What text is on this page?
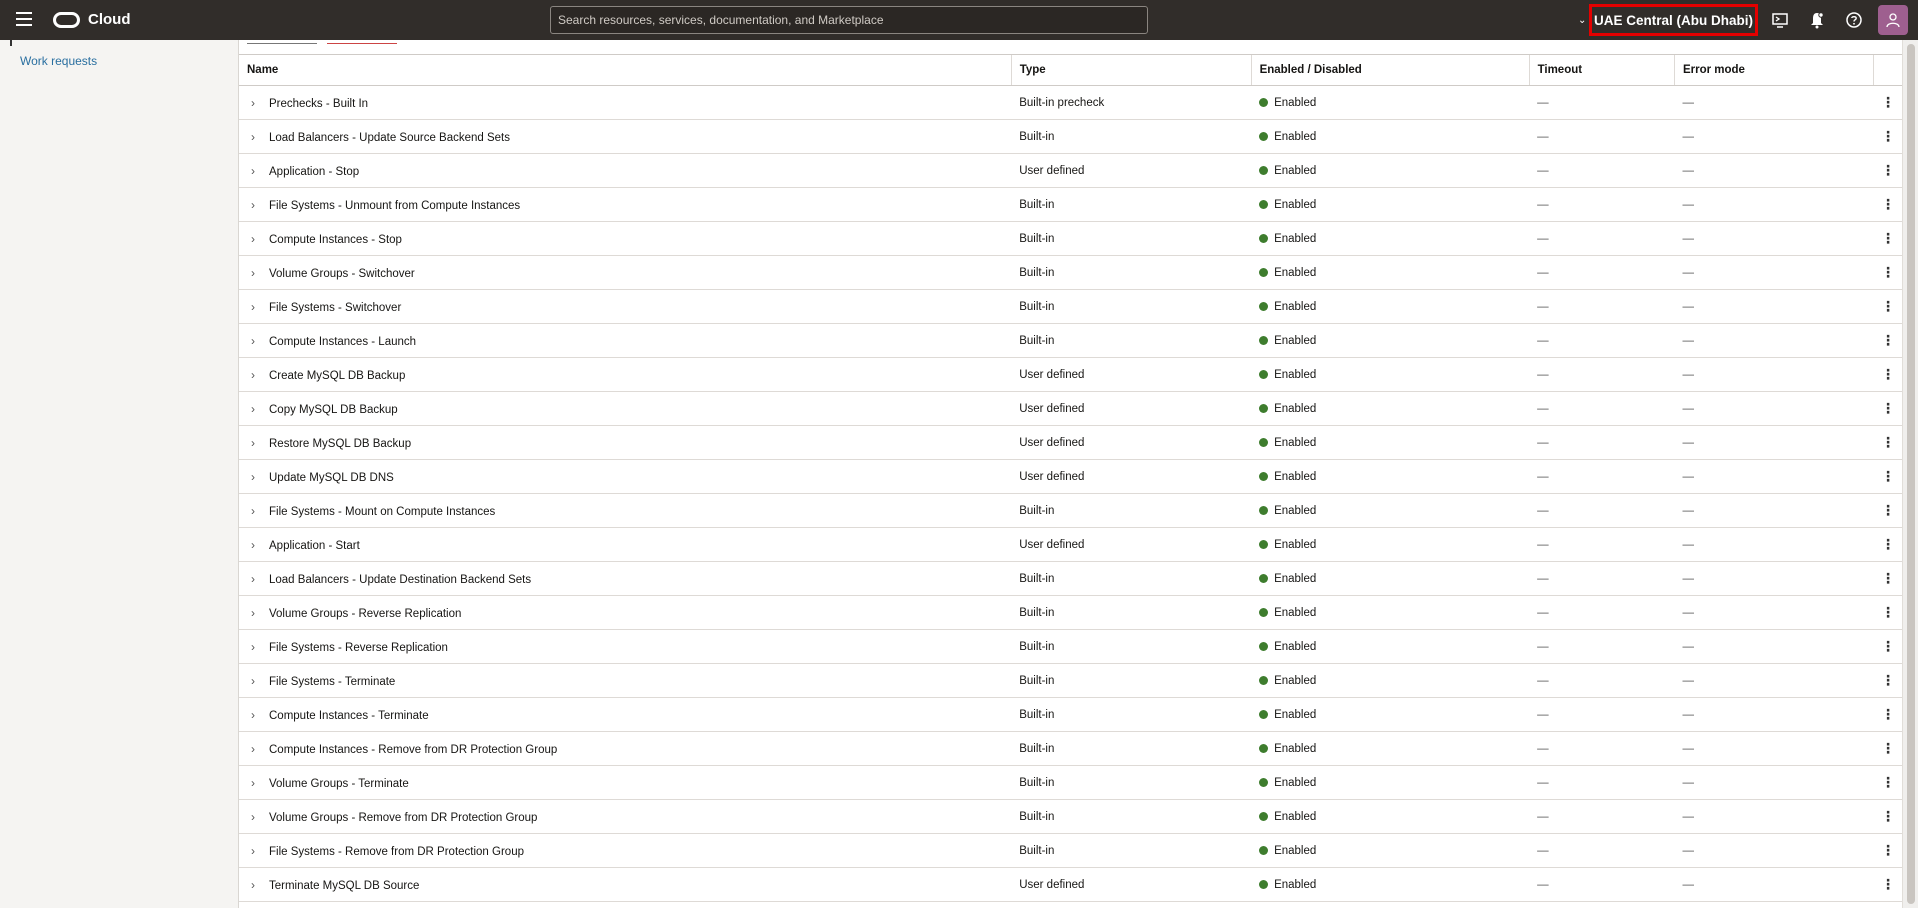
Cloud
Search resources, services, documentation, and Marketplace	⌄ UAE Central (Abu Dhabi)
Work requests
Name	Type	Enabled / Disabled	Timeout	Error mode	
› Prechecks - Built In	Built-in precheck	Enabled	—	—	⋮
› Load Balancers - Update Source Backend Sets	Built-in	Enabled	—	—	⋮
› Application - Stop	User defined	Enabled	—	—	⋮
› File Systems - Unmount from Compute Instances	Built-in	Enabled	—	—	⋮
› Compute Instances - Stop	Built-in	Enabled	—	—	⋮
› Volume Groups - Switchover	Built-in	Enabled	—	—	⋮
› File Systems - Switchover	Built-in	Enabled	—	—	⋮
› Compute Instances - Launch	Built-in	Enabled	—	—	⋮
› Create MySQL DB Backup	User defined	Enabled	—	—	⋮
› Copy MySQL DB Backup	User defined	Enabled	—	—	⋮
› Restore MySQL DB Backup	User defined	Enabled	—	—	⋮
› Update MySQL DB DNS	User defined	Enabled	—	—	⋮
› File Systems - Mount on Compute Instances	Built-in	Enabled	—	—	⋮
› Application - Start	User defined	Enabled	—	—	⋮
› Load Balancers - Update Destination Backend Sets	Built-in	Enabled	—	—	⋮
› Volume Groups - Reverse Replication	Built-in	Enabled	—	—	⋮
› File Systems - Reverse Replication	Built-in	Enabled	—	—	⋮
› File Systems - Terminate	Built-in	Enabled	—	—	⋮
› Compute Instances - Terminate	Built-in	Enabled	—	—	⋮
› Compute Instances - Remove from DR Protection Group	Built-in	Enabled	—	—	⋮
› Volume Groups - Terminate	Built-in	Enabled	—	—	⋮
› Volume Groups - Remove from DR Protection Group	Built-in	Enabled	—	—	⋮
› File Systems - Remove from DR Protection Group	Built-in	Enabled	—	—	⋮
› Terminate MySQL DB Source	User defined	Enabled	—	—	⋮
